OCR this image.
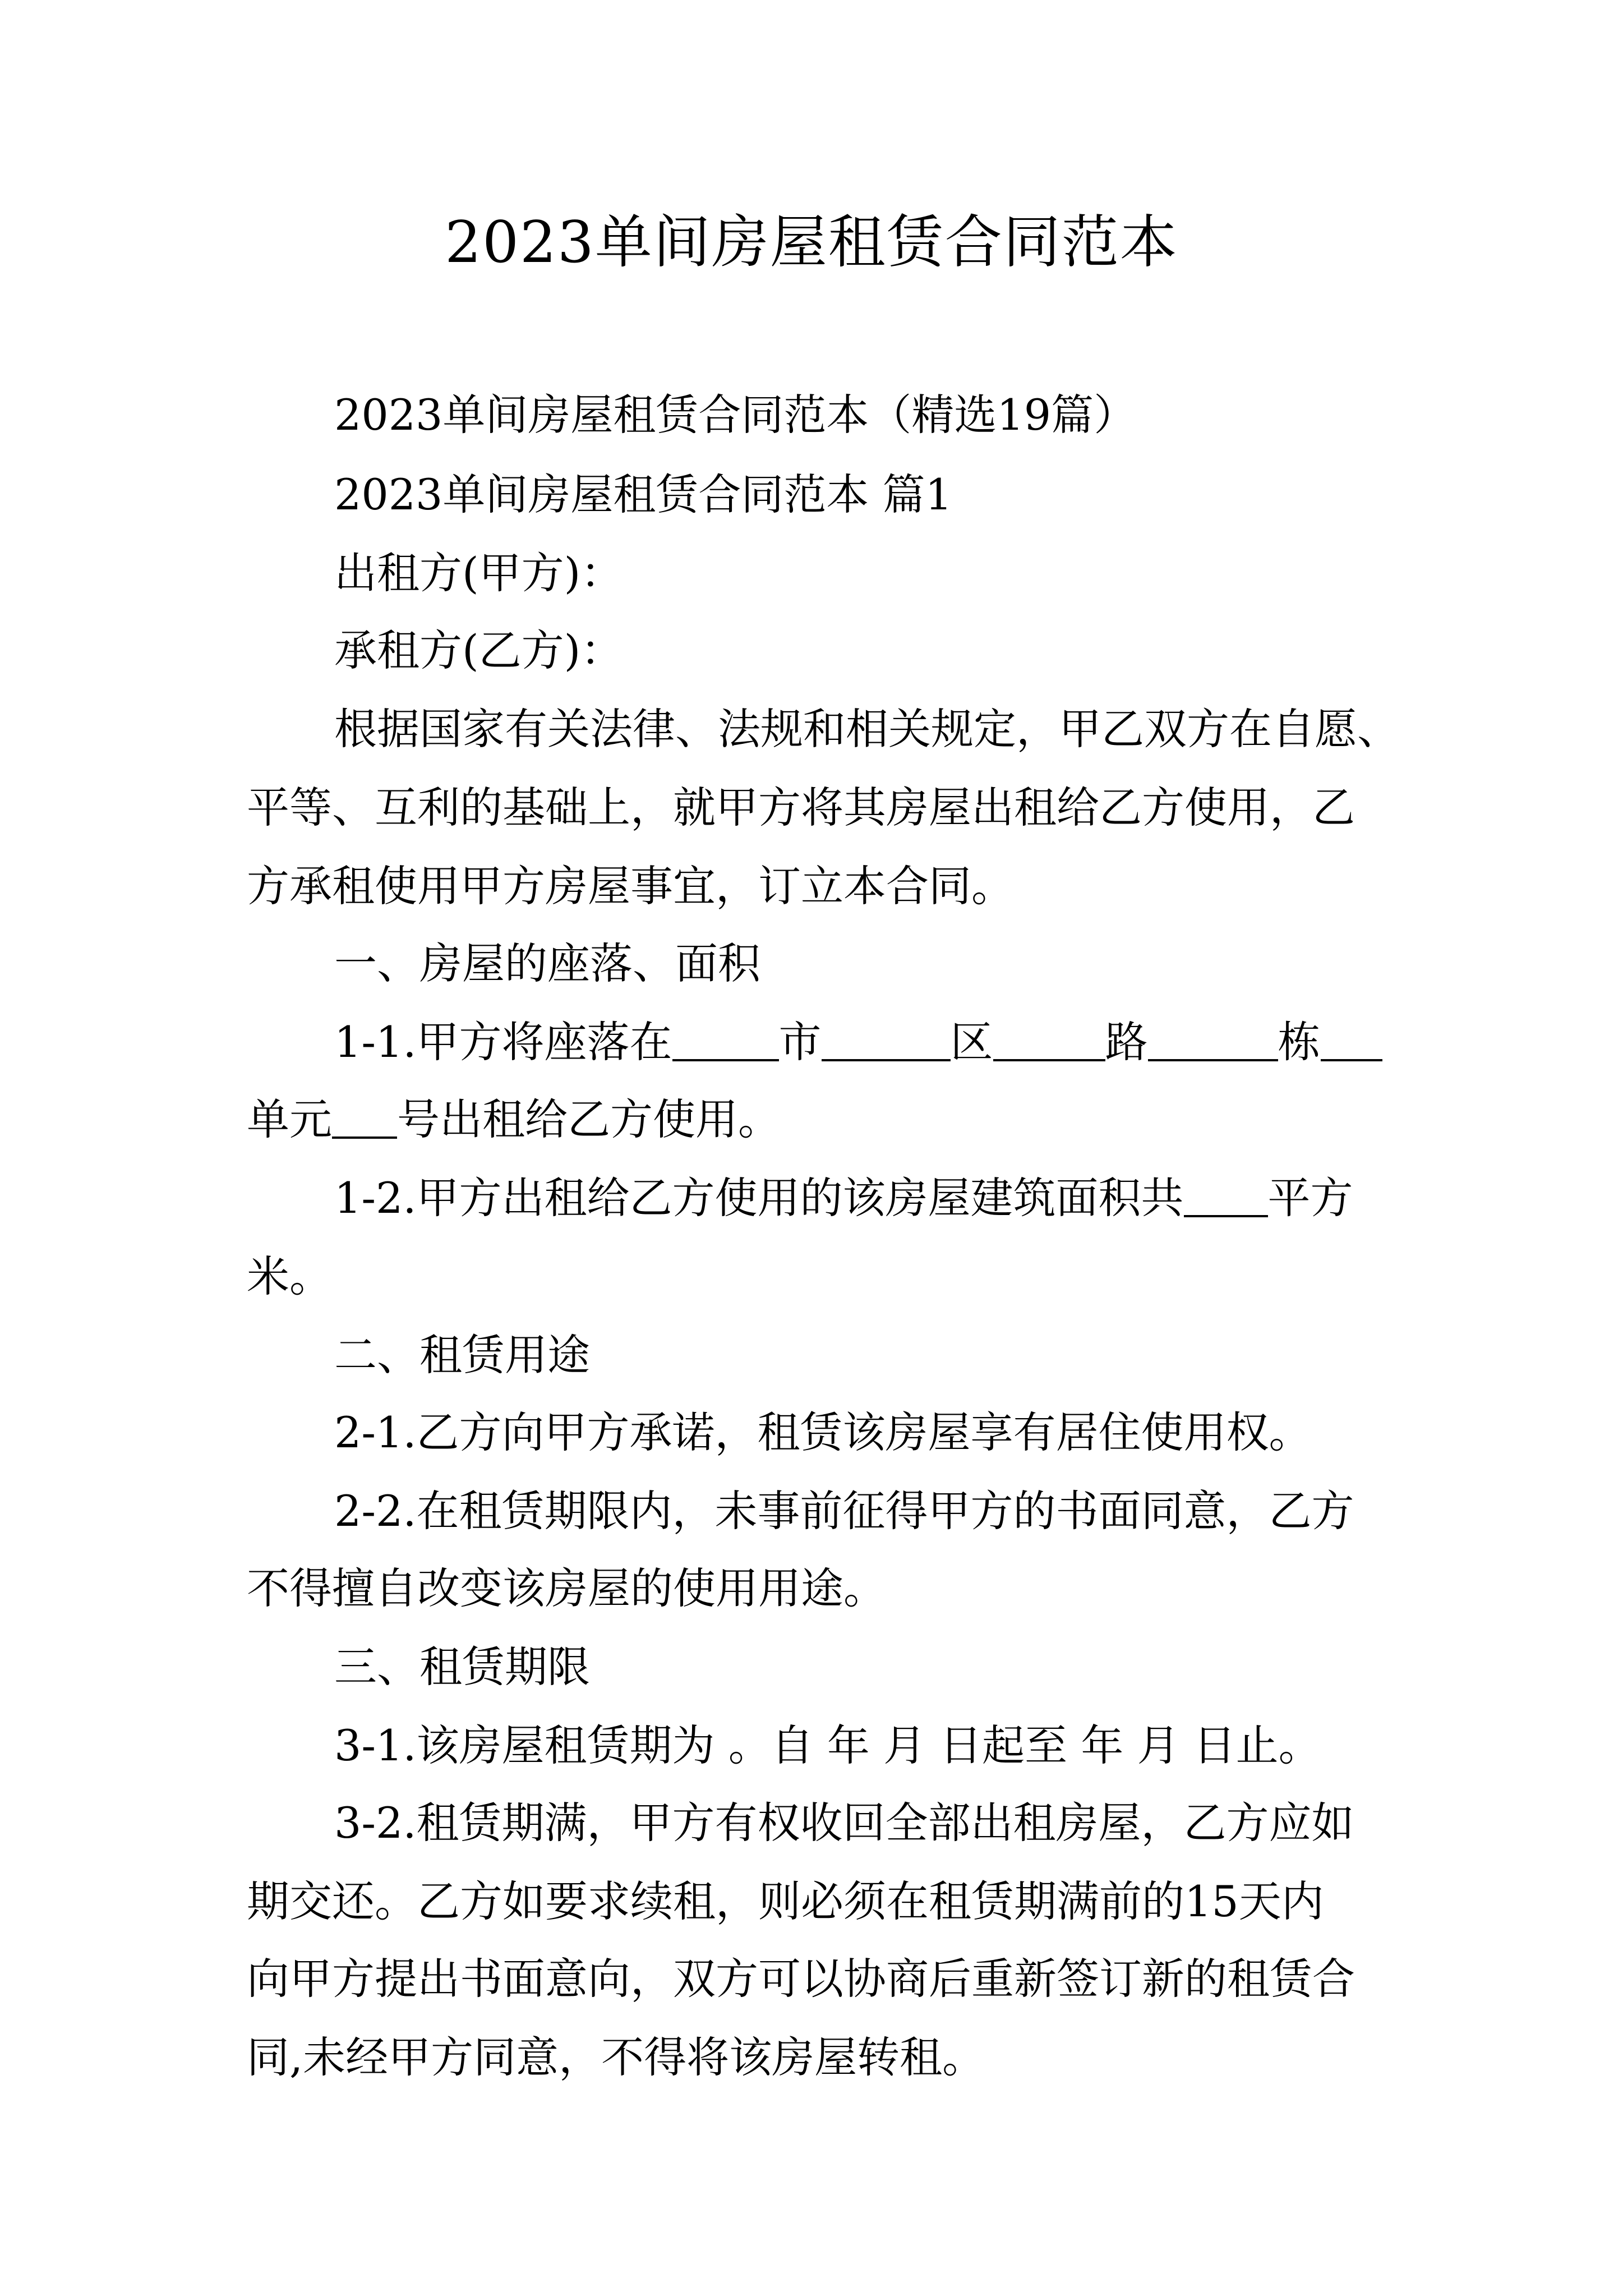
2023单间房屋租赁合同范本
2023单间房屋租赁合同范本（精选19篇）
2023单间房屋租赁合同范本 篇1
出租方(甲方)：
承租方(乙方)：
根据国家有关法律、法规和相关规定，甲乙双方在自愿、
平等、互利的基础上，就甲方将其房屋出租给乙方使用，乙
方承租使用甲方房屋事宜，订立本合同。
一、房屋的座落、面积
1-1.甲方将座落在	市	区	路	栋
单元 号出租给乙方使用。
1-2.甲方出租给乙方使用的该房屋建筑面积共 平方
米。
二、租赁用途
2-1.乙方向甲方承诺，租赁该房屋享有居住使用权。
2-2.在租赁期限内，未事前征得甲方的书面同意，乙方
不得擅自改变该房屋的使用用途。
三、租赁期限
3-1.该房屋租赁期为 。自 年 月 日起至 年 月 日止。
3-2.租赁期满，甲方有权收回全部出租房屋，乙方应如
期交还。乙方如要求续租，则必须在租赁期满前的15天内
向甲方提出书面意向，双方可以协商后重新签订新的租赁合
同,未经甲方同意，不得将该房屋转租。
